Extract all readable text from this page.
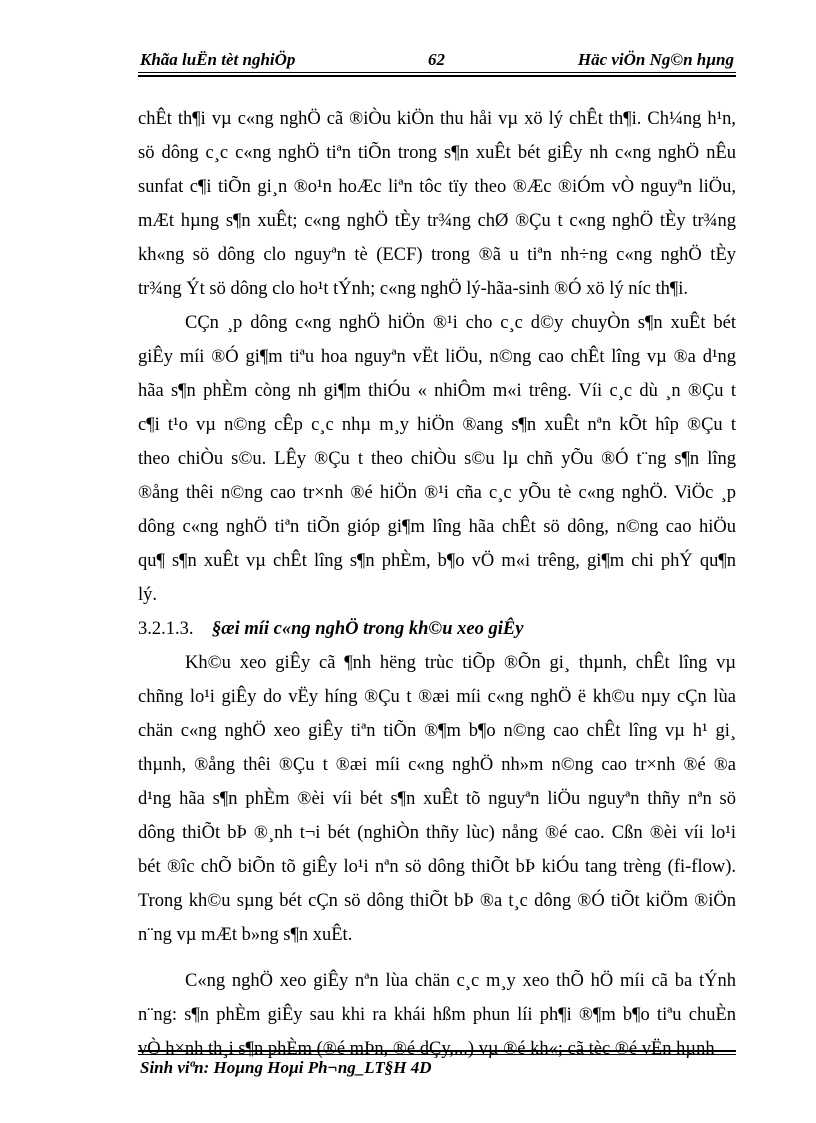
Khãa luËn tèt nghiÖp	62	Häc viÖn Ng©n hµng
chÊt th¶i vµ c«ng nghÖ cã ®iÒu kiÖn thu håi vµ xö lý chÊt th¶i. Ch¼ng h¹n,
sö dông c¸c c«ng nghÖ tiªn tiÕn trong s¶n xuÊt bét giÊy nh c«ng nghÖ nÊu
sunfat c¶i tiÕn gi¸n ®o¹n hoÆc liªn tôc tïy theo ®Æc ®iÓm vÒ nguyªn liÖu,
mÆt hµng s¶n xuÊt; c«ng nghÖ tÈy tr¾ng chØ ®Çu t c«ng nghÖ tÈy tr¾ng
kh«ng sö dông clo nguyªn tè (ECF) trong ®ã u tiªn nh÷ng c«ng nghÖ tÈy
tr¾ng Ýt sö dông clo ho¹t tÝnh; c«ng nghÖ lý-hãa-sinh ®Ó xö lý níc th¶i.
CÇn ¸p dông c«ng nghÖ hiÖn ®¹i cho c¸c d©y chuyÒn s¶n xuÊt bét
giÊy míi ®Ó gi¶m tiªu hoa nguyªn vËt liÖu, n©ng cao chÊt lîng vµ ®a d¹ng
hãa s¶n phÈm còng nh gi¶m thiÓu « nhiÔm m«i trêng. Víi c¸c dù ¸n ®Çu t
c¶i t¹o vµ n©ng cÊp c¸c nhµ m¸y hiÖn ®ang s¶n xuÊt nªn kÕt hîp ®Çu t
theo chiÒu s©u. LÊy ®Çu t theo chiÒu s©u lµ chñ yÕu ®Ó t¨ng s¶n lîng
®ång thêi n©ng cao tr×nh ®é hiÖn ®¹i cña c¸c yÕu tè c«ng nghÖ. ViÖc ¸p
dông c«ng nghÖ tiªn tiÕn gióp gi¶m lîng hãa chÊt sö dông, n©ng cao hiÖu
qu¶ s¶n xuÊt vµ chÊt lîng s¶n phÈm, b¶o vÖ m«i trêng, gi¶m chi phÝ qu¶n
lý.
3.2.1.3. §æi míi c«ng nghÖ trong kh©u xeo giÊy
Kh©u xeo giÊy cã ¶nh hëng trùc tiÕp ®Õn gi¸ thµnh, chÊt lîng vµ
chñng lo¹i giÊy do vËy híng ®Çu t ®æi míi c«ng nghÖ ë kh©u nµy cÇn lùa
chän c«ng nghÖ xeo giÊy tiªn tiÕn ®¶m b¶o n©ng cao chÊt lîng vµ h¹ gi¸
thµnh, ®ång thêi ®Çu t ®æi míi c«ng nghÖ nh»m n©ng cao tr×nh ®é ®a
d¹ng hãa s¶n phÈm ®èi víi bét s¶n xuÊt tõ nguyªn liÖu nguyªn thñy nªn sö
dông thiÕt bÞ ®¸nh t¬i bét (nghiÒn thñy lùc) nång ®é cao. Cßn ®èi víi lo¹i
bét ®îc chÕ biÕn tõ giÊy lo¹i nªn sö dông thiÕt bÞ kiÓu tang trèng (fi-flow).
Trong kh©u sµng bét cÇn sö dông thiÕt bÞ ®a t¸c dông ®Ó tiÕt kiÖm ®iÖn
n¨ng vµ mÆt b»ng s¶n xuÊt.
C«ng nghÖ xeo giÊy nªn lùa chän c¸c m¸y xeo thÕ hÖ míi cã ba tÝnh
n¨ng: s¶n phÈm giÊy sau khi ra khái hßm phun líi ph¶i ®¶m b¶o tiªu chuÈn
vÒ h×nh th¸i s¶n phÈm (®é mÞn, ®é dÇy,...) vµ ®é kh«; cã tèc ®é vËn hµnh
Sinh viªn: Hoµng Hoµi Ph¬ng_LT§H 4D
